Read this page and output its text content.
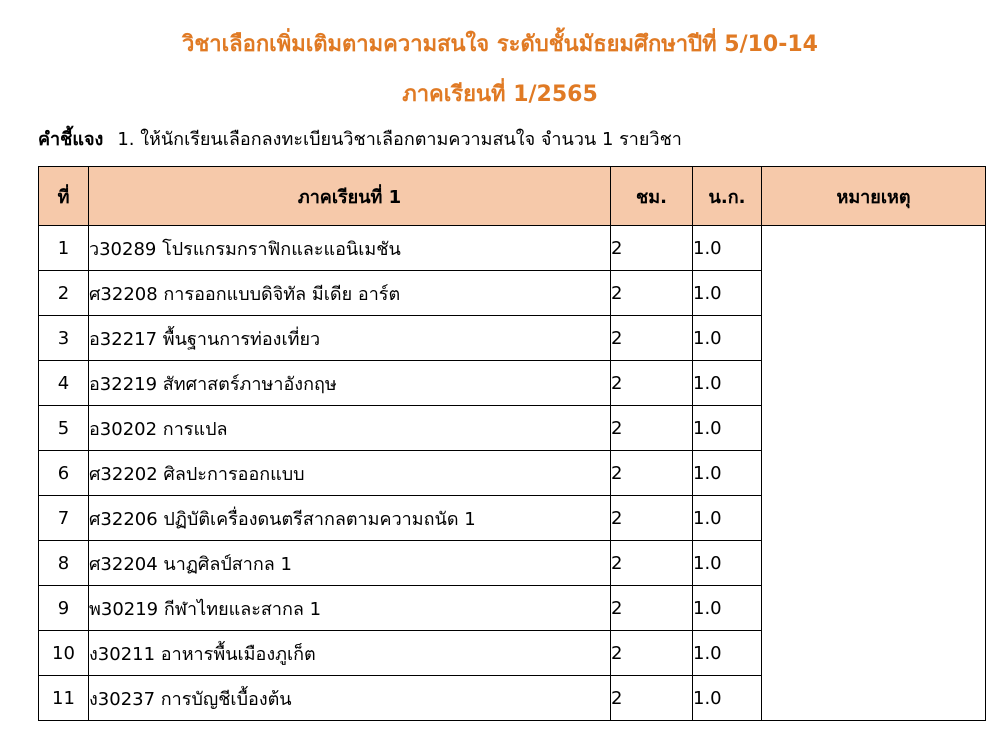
วิชาเลือกเพิ่มเติมตามความสนใจ ระดับชั้นมัธยมศึกษาปีที่ 5/10-14
ภาคเรียนที่ 1/2565
คำชี้แจง 1. ให้นักเรียนเลือกลงทะเบียนวิชาเลือกตามความสนใจ จำนวน 1 รายวิชา
ที่	ภาคเรียนที่ 1	ชม.	น.ก.	หมายเหตุ
1	ว30289 โปรแกรมกราฟิกและแอนิเมชัน	2	1.0	
2	ศ32208 การออกแบบดิจิทัล มีเดีย อาร์ต	2	1.0	
3	อ32217 พื้นฐานการท่องเที่ยว	2	1.0	
4	อ32219 สัทศาสตร์ภาษาอังกฤษ	2	1.0	
5	อ30202 การแปล	2	1.0	
6	ศ32202 ศิลปะการออกแบบ	2	1.0	
7	ศ32206 ปฏิบัติเครื่องดนตรีสากลตามความถนัด 1	2	1.0	
8	ศ32204 นาฏศิลป์สากล 1	2	1.0	
9	พ30219 กีฬาไทยและสากล 1	2	1.0	
10	ง30211 อาหารพื้นเมืองภูเก็ต	2	1.0	
11	ง30237 การบัญชีเบื้องต้น	2	1.0	
